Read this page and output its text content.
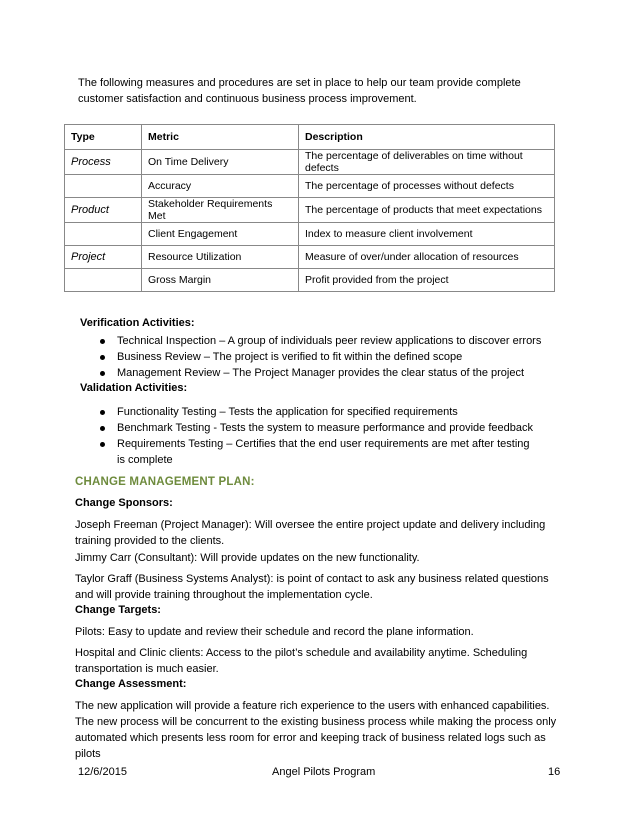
The following measures and procedures are set in place to help our team provide complete customer satisfaction and continuous business process improvement.
Type	Metric	Description
Process	On Time Delivery	The percentage of deliverables on time without defects
	Accuracy	The percentage of processes without defects
Product	Stakeholder Requirements Met	The percentage of products that meet expectations
	Client Engagement	Index to measure client involvement
Project	Resource Utilization	Measure of over/under allocation of resources
	Gross Margin	Profit provided from the project
Verification Activities:
Technical Inspection – A group of individuals peer review applications to discover errors
Business Review – The project is verified to fit within the defined scope
Management Review – The Project Manager provides the clear status of the project
Validation Activities:
Functionality Testing – Tests the application for specified requirements
Benchmark Testing - Tests the system to measure performance and provide feedback
Requirements Testing – Certifies that the end user requirements are met after testing is complete
CHANGE MANAGEMENT PLAN:
Change Sponsors:
Joseph Freeman (Project Manager): Will oversee the entire project update and delivery including training provided to the clients.
Jimmy Carr (Consultant): Will provide updates on the new functionality.
Taylor Graff (Business Systems Analyst): is point of contact to ask any business related questions and will provide training throughout the implementation cycle.
Change Targets:
Pilots: Easy to update and review their schedule and record the plane information.
Hospital and Clinic clients: Access to the pilot’s schedule and availability anytime. Scheduling transportation is much easier.
Change Assessment:
The new application will provide a feature rich experience to the users with enhanced capabilities. The new process will be concurrent to the existing business process while making the process only automated which presents less room for error and keeping track of business related logs such as pilots
12/6/2015	Angel Pilots Program	16
